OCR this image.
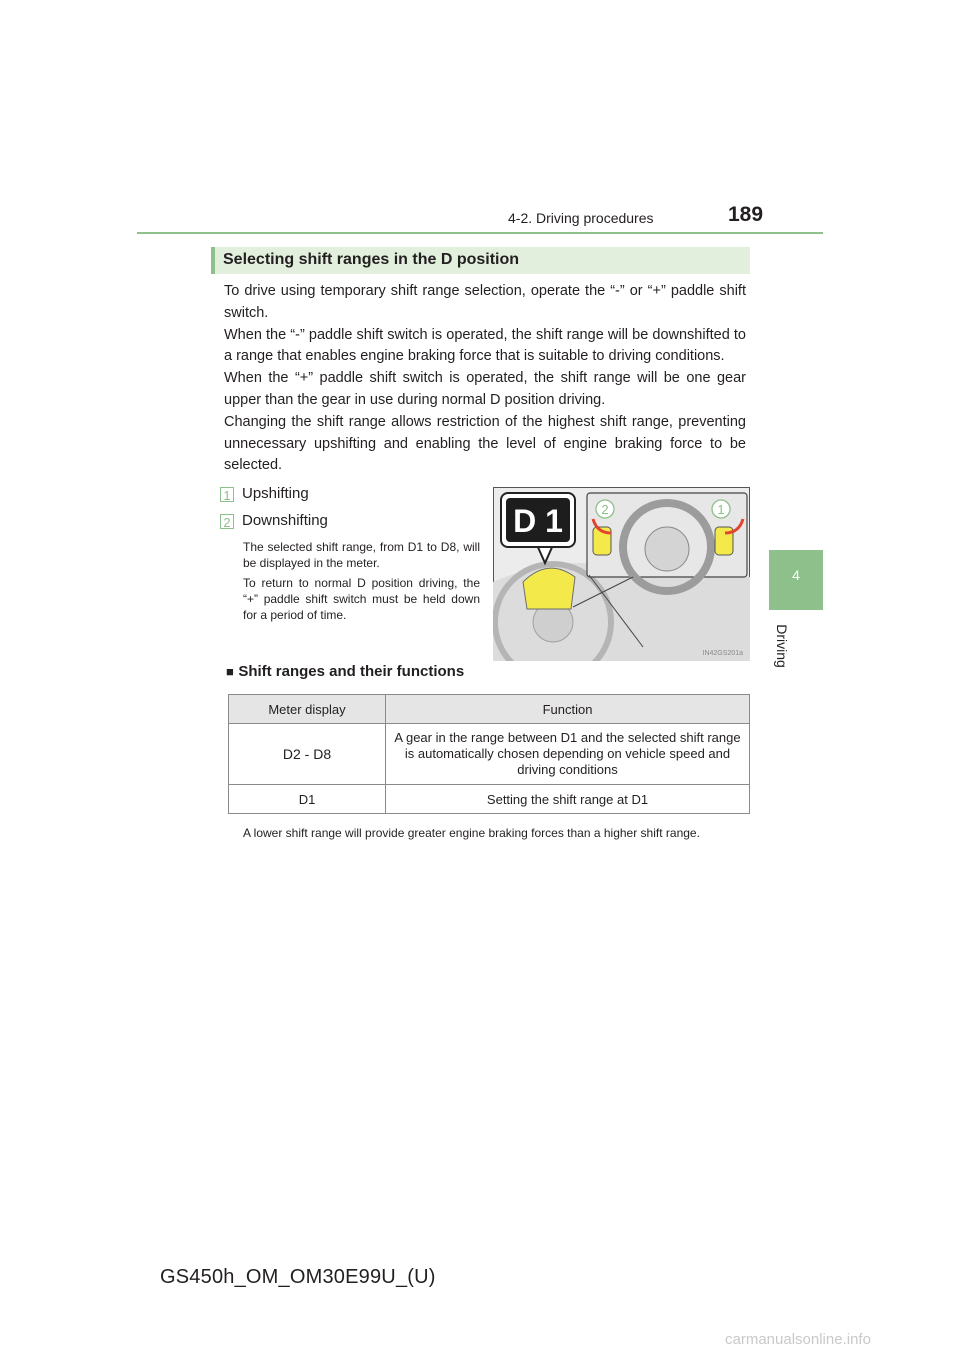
4-2. Driving procedures	189
4
Driving
Selecting shift ranges in the D position

To drive using temporary shift range selection, operate the “-” or “+” paddle shift switch.

When the “-” paddle shift switch is operated, the shift range will be downshifted to a range that enables engine braking force that is suitable to driving conditions.

When the “+” paddle shift switch is operated, the shift range will be one gear upper than the gear in use during normal D position driving.

Changing the shift range allows restriction of the highest shift range, preventing unnecessary upshifting and enabling the level of engine braking force to be selected.

1 Upshifting
2 Downshifting
The selected shift range, from D1 to D8, will be displayed in the meter.
To return to normal D position driving, the “+” paddle shift switch must be held down for a period of time.
2	1
D 1
IN42GS201a
■ Shift ranges and their functions
Meter display	Function
D2 - D8	A gear in the range between D1 and the selected shift range is automatically chosen depending on vehicle speed and driving conditions
D1	Setting the shift range at D1
A lower shift range will provide greater engine braking forces than a higher shift range.
GS450h_OM_OM30E99U_(U)
carmanualsonline.info
